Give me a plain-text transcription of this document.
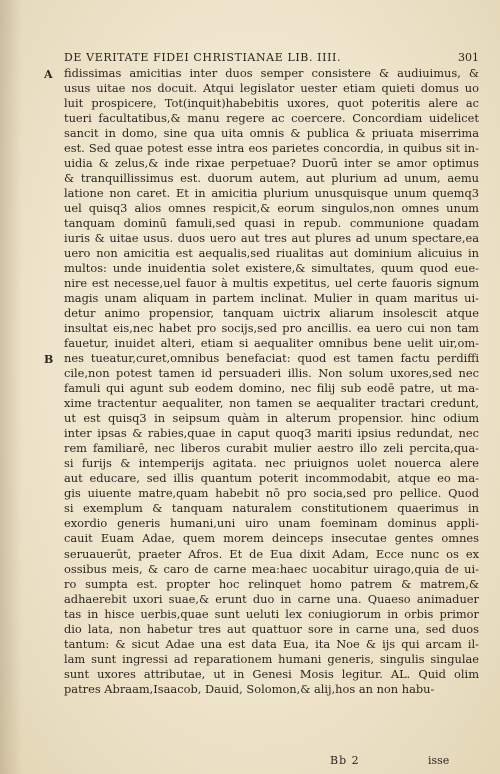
DE VERITATE FIDEI CHRISTIANAE LIB. IIII.	301
A
B
fidissimas amicitias inter duos semper consistere & audiuimus, &
usus uitae nos docuit. Atqui legislator uester etiam quieti domus uo
luit prospicere, Tot(inquit)habebitis uxores, quot poteritis alere ac
tueri facultatibus,& manu regere ac coercere. Concordiam uidelicet
sancit in domo, sine qua uita omnis & publica & priuata miserrima
est. Sed quae potest esse intra eos parietes concordia, in quibus sit in-
uidia & zelus,& inde rixae perpetuae? Duorū inter se amor optimus
& tranquillissimus est. duorum autem, aut plurium ad unum, aemu
latione non caret. Et in amicitia plurium unusquisque unum quemq3
uel quisq3 alios omnes respicit,& eorum singulos,non omnes unum
tanquam dominū famuli,sed quasi in repub. communione quadam
iuris & uitae usus. duos uero aut tres aut plures ad unum spectare,ea
uero non amicitia est aequalis,sed riualitas aut dominium alicuius in
multos: unde inuidentia solet existere,& simultates, quum quod eue-
nire est necesse,uel fauor à multis expetitus, uel certe fauoris signum
magis unam aliquam in partem inclinat. Mulier in quam maritus ui-
detur animo propensior, tanquam uictrix aliarum insolescit atque
insultat eis,nec habet pro socijs,sed pro ancillis. ea uero cui non tam
fauetur, inuidet alteri, etiam si aequaliter omnibus bene uelit uir,om-
nes tueatur,curet,omnibus benefaciat: quod est tamen factu perdiffi
cile,non potest tamen id persuaderi illis. Non solum uxores,sed nec
famuli qui agunt sub eodem domino, nec filij sub eodē patre, ut ma-
xime tractentur aequaliter, non tamen se aequaliter tractari credunt,
ut est quisq3 in seipsum quàm in alterum propensior. hinc odium
inter ipsas & rabies,quae in caput quoq3 mariti ipsius redundat, nec
rem familiarē, nec liberos curabit mulier aestro illo zeli percita,qua-
si furijs & intemperijs agitata. nec priuignos uolet nouerca alere
aut educare, sed illis quantum poterit incommodabit, atque eo ma-
gis uiuente matre,quam habebit nō pro socia,sed pro pellice. Quod
si exemplum & tanquam naturalem constitutionem quaerimus in
exordio generis humani,uni uiro unam foeminam dominus appli-
cauit Euam Adae, quem morem deinceps insecutae gentes omnes
seruauerūt, praeter Afros. Et de Eua dixit Adam, Ecce nunc os ex
ossibus meis, & caro de carne mea:haec uocabitur uirago,quia de ui-
ro sumpta est. propter hoc relinquet homo patrem & matrem,&
adhaerebit uxori suae,& erunt duo in carne una. Quaeso animaduer
tas in hisce uerbis,quae sunt ueluti lex coniugiorum in orbis primor
dio lata, non habetur tres aut quattuor sore in carne una, sed duos
tantum: & sicut Adae una est data Eua, ita Noe & ijs qui arcam il-
lam sunt ingressi ad reparationem humani generis, singulis singulae
sunt uxores attributae, ut in Genesi Mosis legitur. AL. Quid olim
patres Abraam,Isaacob, Dauid, Solomon,& alij,hos an non habu-
Bb 2	isse
